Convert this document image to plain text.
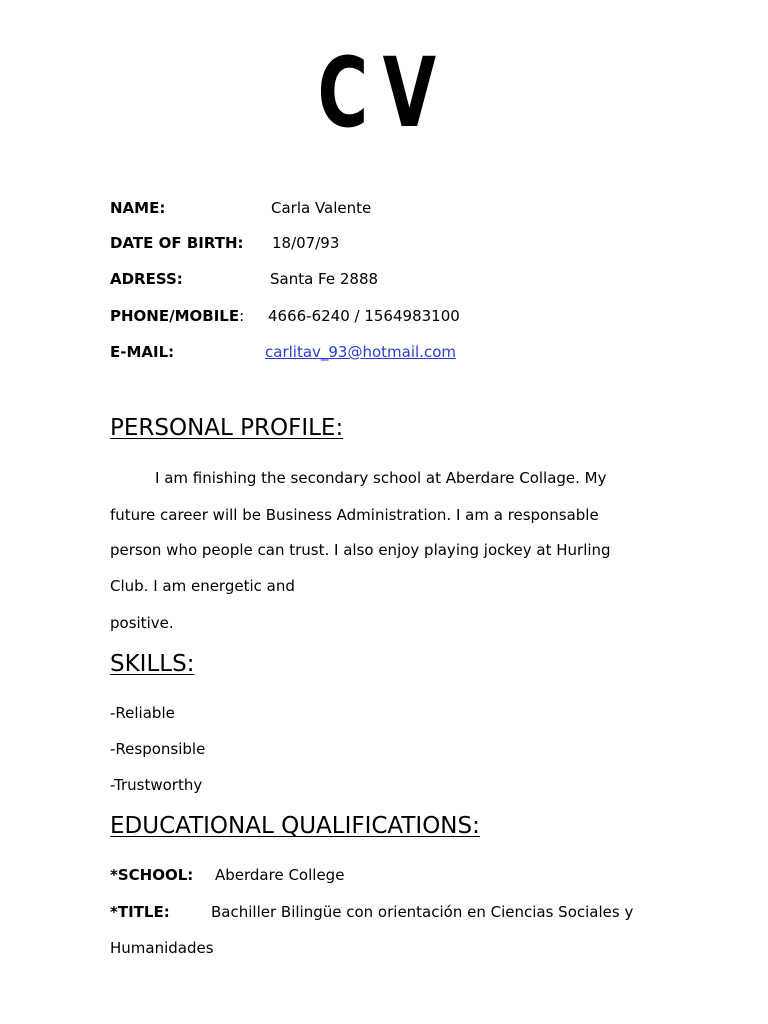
CV
NAME:	Carla Valente
DATE OF BIRTH: 18/07/93
ADRESS:	Santa Fe 2888
PHONE/MOBILE: 4666-6240 / 1564983100
E-MAIL:	carlitav_93@hotmail.com
PERSONAL PROFILE:
I am finishing the secondary school at Aberdare Collage. My
future career will be Business Administration. I am a responsable
person who people can trust. I also enjoy playing jockey at Hurling
Club. I am energetic and
positive.
SKILLS:
-Reliable
-Responsible
-Trustworthy
EDUCATIONAL QUALIFICATIONS:
*SCHOOL: Aberdare College
*TITLE:	Bachiller Bilingüe con orientación en Ciencias Sociales y
Humanidades
